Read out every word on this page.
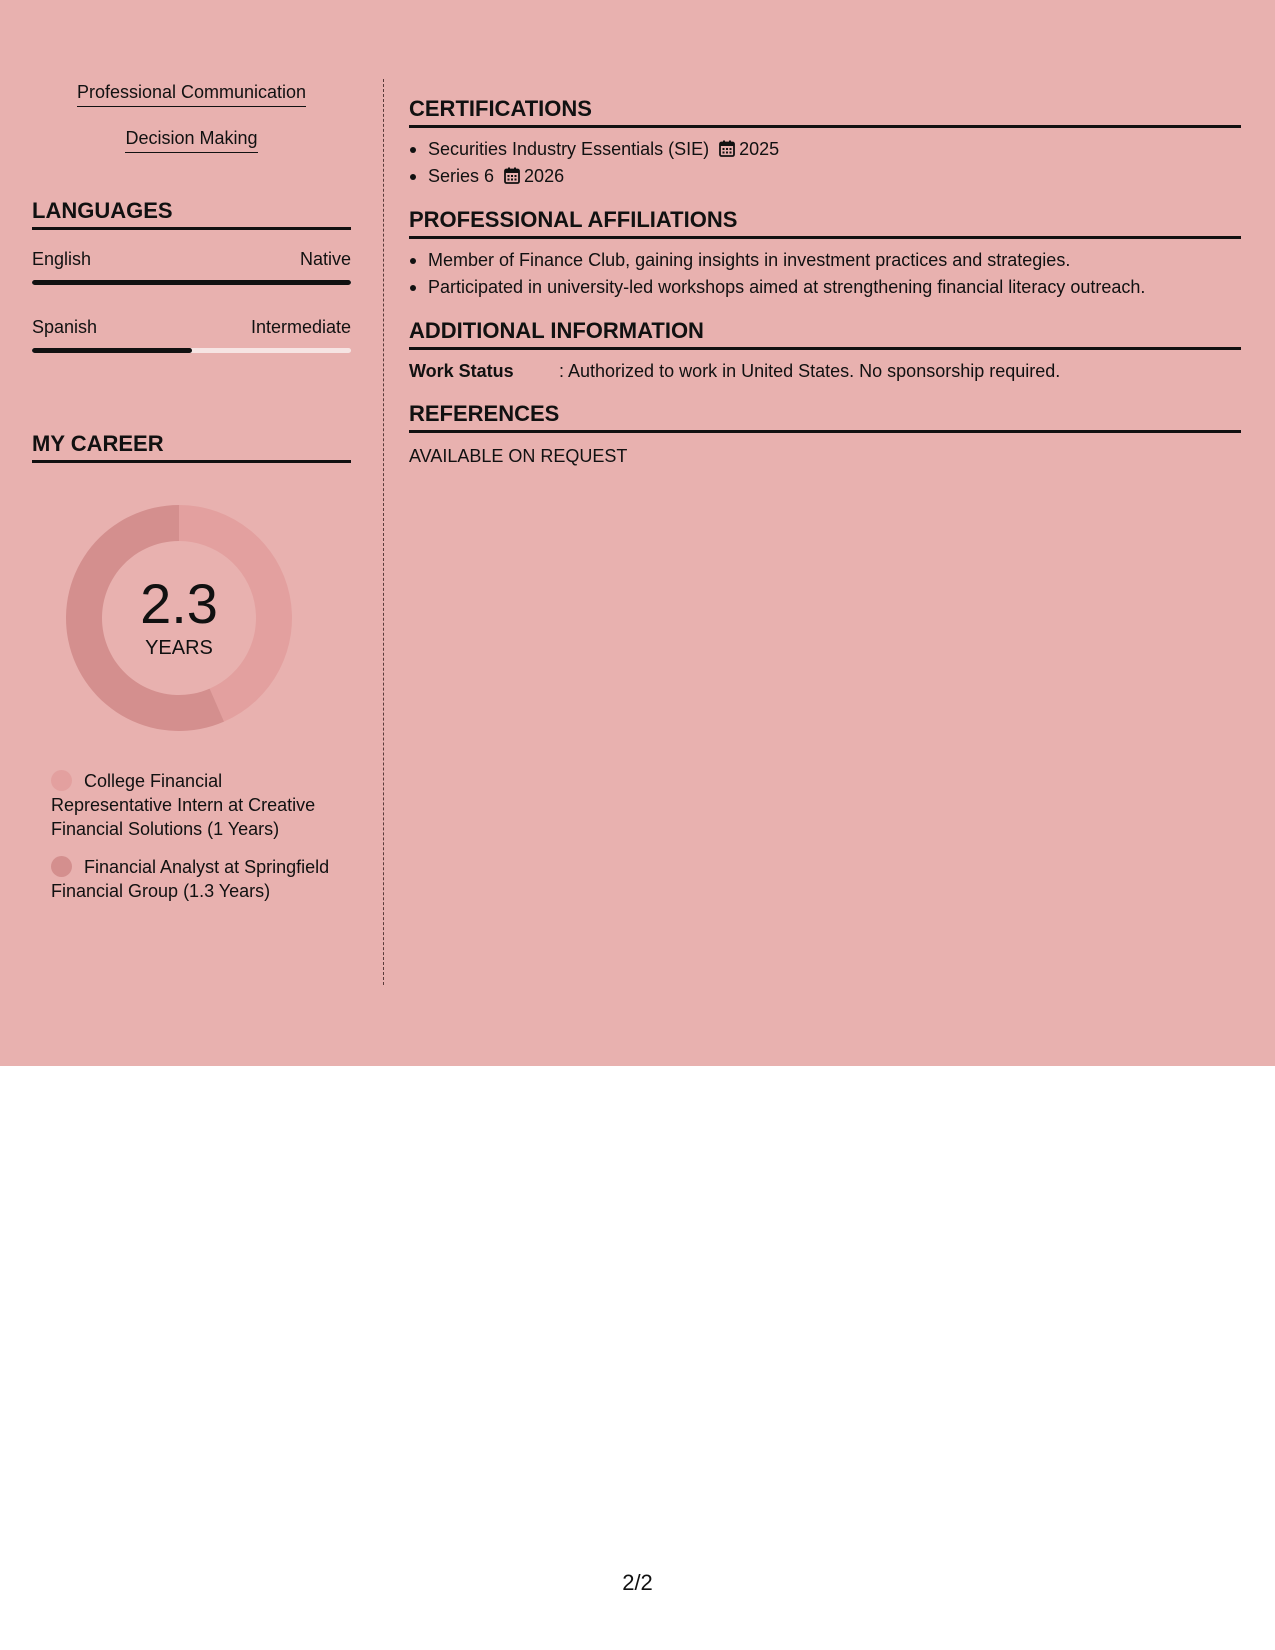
Professional Communication
Decision Making
LANGUAGES
English	Native
Spanish	Intermediate
MY CAREER
2.3
YEARS
College Financial Representative Intern at Creative Financial Solutions (1 Years)
Financial Analyst at Springfield Financial Group (1.3 Years)
CERTIFICATIONS
Securities Industry Essentials (SIE) 2025
Series 6 2026
PROFESSIONAL AFFILIATIONS
Member of Finance Club, gaining insights in investment practices and strategies.
Participated in university-led workshops aimed at strengthening financial literacy outreach.
ADDITIONAL INFORMATION
Work Status	: Authorized to work in United States. No sponsorship required.
REFERENCES
AVAILABLE ON REQUEST
2/2
